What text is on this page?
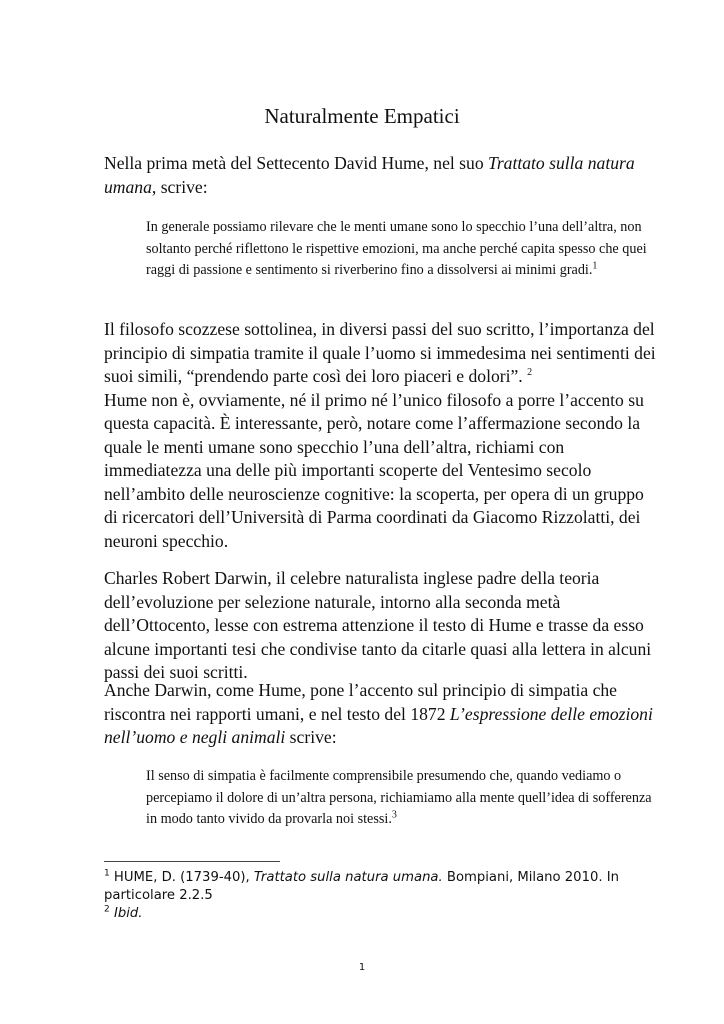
Naturalmente Empatici
Nella prima metà del Settecento David Hume, nel suo Trattato sulla natura umana, scrive:
In generale possiamo rilevare che le menti umane sono lo specchio l’una dell’altra, non soltanto perché riflettono le rispettive emozioni, ma anche perché capita spesso che quei raggi di passione e sentimento si riverberino fino a dissolversi ai minimi gradi.$^1$
Il filosofo scozzese sottolinea, in diversi passi del suo scritto, l’importanza del principio di simpatia tramite il quale l’uomo si immedesima nei sentimenti dei suoi simili, “prendendo parte così dei loro piaceri e dolori”. $^2$
Hume non è, ovviamente, né il primo né l’unico filosofo a porre l’accento su questa capacità. È interessante, però, notare come l’affermazione secondo la quale le menti umane sono specchio l’una dell’altra, richiami con immediatezza una delle più importanti scoperte del Ventesimo secolo nell’ambito delle neuroscienze cognitive: la scoperta, per opera di un gruppo di ricercatori dell’Università di Parma coordinati da Giacomo Rizzolatti, dei neuroni specchio.
Charles Robert Darwin, il celebre naturalista inglese padre della teoria dell’evoluzione per selezione naturale, intorno alla seconda metà dell’Ottocento, lesse con estrema attenzione il testo di Hume e trasse da esso alcune importanti tesi che condivise tanto da citarle quasi alla lettera in alcuni passi dei suoi scritti.
Anche Darwin, come Hume, pone l’accento sul principio di simpatia che riscontra nei rapporti umani, e nel testo del 1872 L’espressione delle emozioni nell’uomo e negli animali scrive:
Il senso di simpatia è facilmente comprensibile presumendo che, quando vediamo o percepiamo il dolore di un’altra persona, richiamiamo alla mente quell’idea di sofferenza in modo tanto vivido da provarla noi stessi.$^3$
$^1$ HUME, D. (1739-40), Trattato sulla natura umana. Bompiani, Milano 2010. In particolare 2.2.5
$^2$ Ibid.
1
